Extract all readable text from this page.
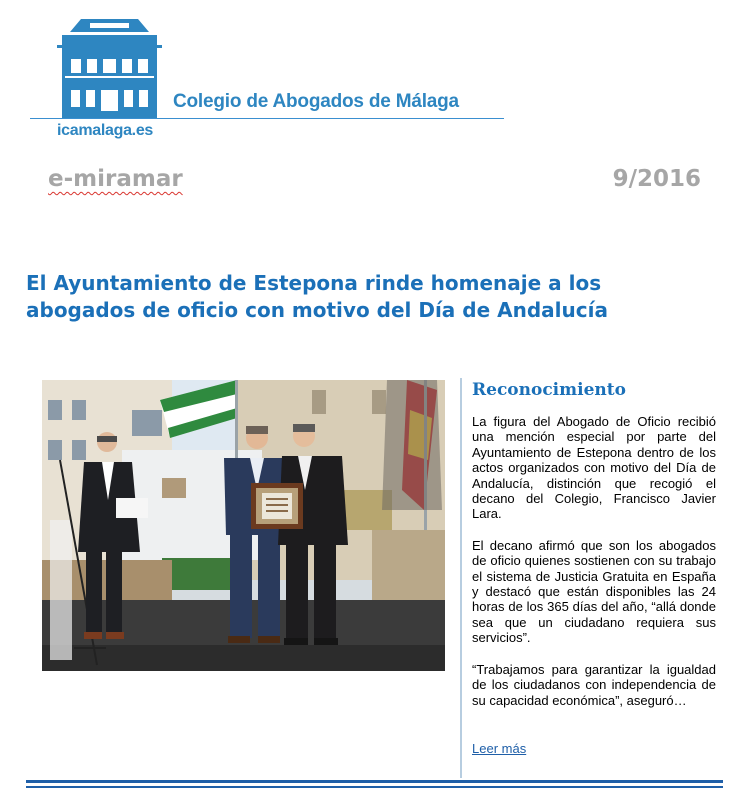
Colegio de Abogados de Málaga
icamalaga.es
e-miramar	9/2016
El Ayuntamiento de Estepona rinde homenaje a los abogados de oficio con motivo del Día de Andalucía
Reconocimiento

La figura del Abogado de Oficio recibió una mención especial por parte del Ayuntamiento de Estepona dentro de los actos organizados con motivo del Día de Andalucía, distinción que recogió el decano del Colegio, Francisco Javier Lara.

El decano afirmó que son los abogados de oficio quienes sostienen con su trabajo el sistema de Justicia Gratuita en España y destacó que están disponibles las 24 horas de los 365 días del año, “allá donde sea que un ciudadano requiera sus servicios”.

“Trabajamos para garantizar la igualdad de los ciudadanos con independencia de su capacidad económica”, aseguró…

Leer más
